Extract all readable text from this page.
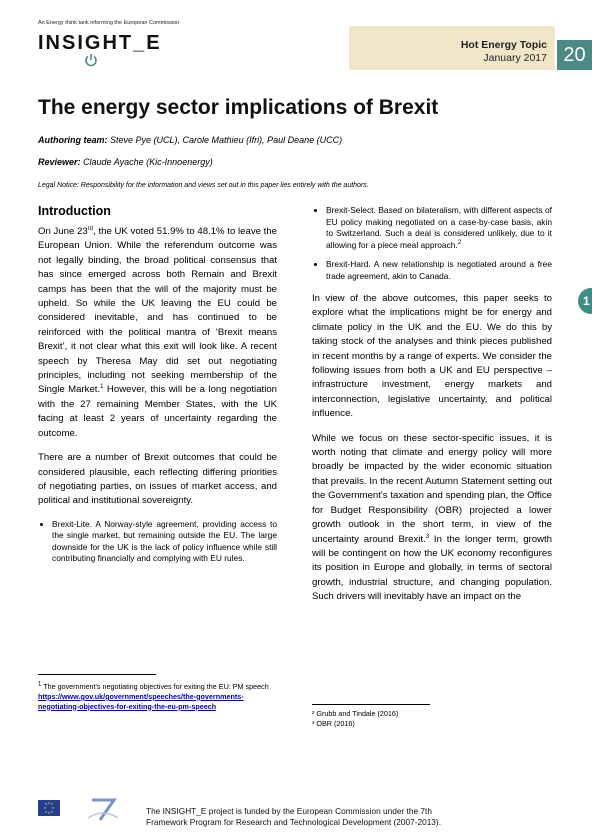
An Energy think tank informing the European Commission
INSIGHT_E	Hot Energy Topic
January 2017 20
The energy sector implications of Brexit
Authoring team: Steve Pye (UCL), Carole Mathieu (Ifri), Paul Deane (UCC)
Reviewer: Claude Ayache (Kic-Innoenergy)
Legal Notice: Responsibility for the information and views set out in this paper lies entirely with the authors.
Introduction

On June 23rd, the UK voted 51.9% to 48.1% to leave the European Union. While the referendum outcome was not legally binding, the broad political consensus that has since emerged across both Remain and Brexit camps has been that the will of the majority must be upheld. So while the UK leaving the EU could be considered inevitable, and has continued to be reinforced with the political mantra of ‘Brexit means Brexit’, it not clear what this exit will look like. A recent speech by Theresa May did set out negotiating principles, including not seeking membership of the Single Market.$^1$ However, this will be a long negotiation with the 27 remaining Member States, with the UK facing at least 2 years of uncertainty regarding the outcome.

There are a number of Brexit outcomes that could be considered plausible, each reflecting differing priorities of negotiating parties, on issues of market access, and political and institutional sovereignty.

• Brexit-Lite. A Norway-style agreement, providing access to the single market, but remaining outside the EU. The large downside for the UK is the lack of policy influence while still contributing financially and complying with EU rules.
• Brexit-Select. Based on bilateralism, with different aspects of EU policy making negotiated on a case-by-case basis, akin to Switzerland. Such a deal is considered unlikely, due to it allowing for a piece meal approach.$^2$
• Brexit-Hard. A new relationship is negotiated around a free trade agreement, akin to Canada.

In view of the above outcomes, this paper seeks to explore what the implications might be for energy and climate policy in the UK and the EU. We do this by taking stock of the analyses and think pieces published in recent months by a range of experts. We consider the following issues from both a UK and EU perspective – infrastructure investment, energy markets and interconnection, legislative uncertainty, and political influence.

While we focus on these sector-specific issues, it is worth noting that climate and energy policy will more broadly be impacted by the wider economic situation that prevails. In the recent Autumn Statement setting out the Government's taxation and spending plan, the Office for Budget Responsibility (OBR) projected a lower growth outlook in the short term, in view of the uncertainty around Brexit.$^3$ In the longer term, growth will be contingent on how the UK economy reconfigures its position in Europe and globally, in terms of sectoral growth, industrial structure, and changing population. Such drivers will inevitably have an impact on the

1
$^1$ The government's negotiating objectives for exiting the EU: PM speech
https://www.gov.uk/government/speeches/the-governments-negotiating-objectives-for-exiting-the-eu-pm-speech
² Grubb and Tindale (2016)
³ OBR (2016)
The INSIGHT_E project is funded by the European Commission under the 7th
Framework Program for Research and Technological Development (2007-2013).
